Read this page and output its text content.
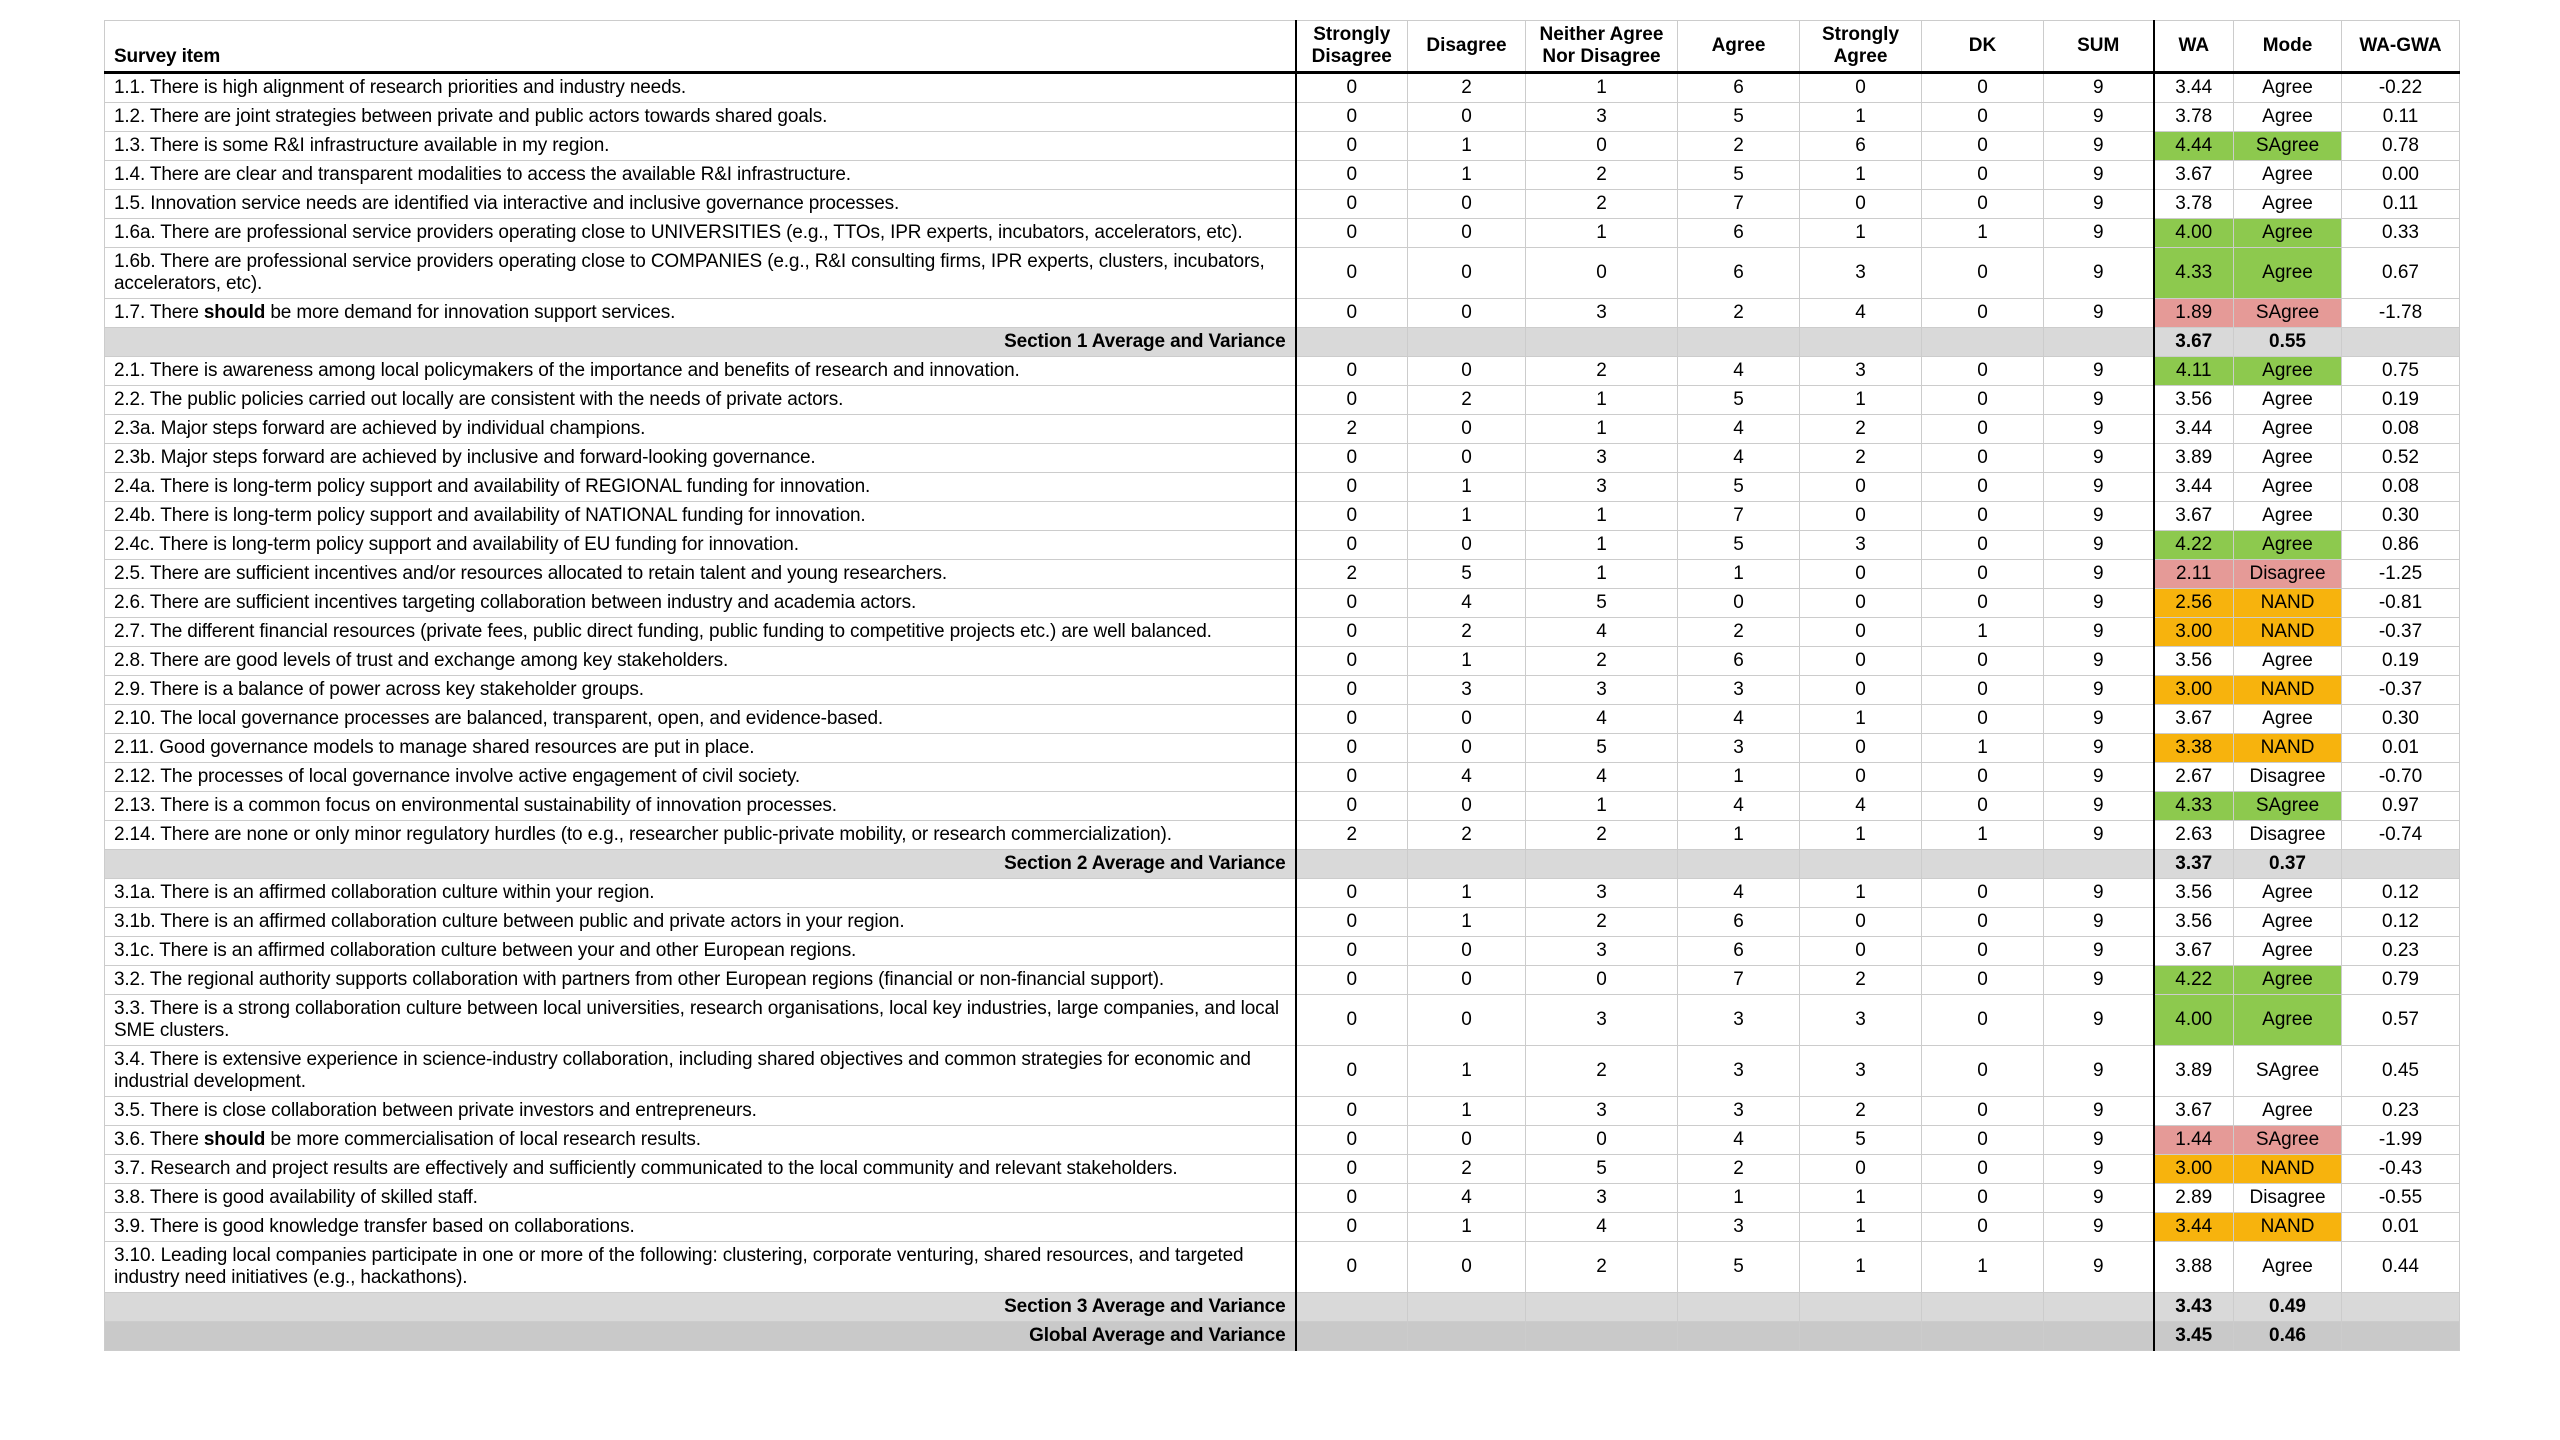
Survey item	Strongly Disagree	Disagree	Neither Agree Nor Disagree	Agree	Strongly Agree	DK	SUM	WA	Mode	WA-GWA
1.1. There is high alignment of research priorities and industry needs.	0	2	1	6	0	0	9	3.44	Agree	-0.22
1.2. There are joint strategies between private and public actors towards shared goals.	0	0	3	5	1	0	9	3.78	Agree	0.11
1.3. There is some R&I infrastructure available in my region.	0	1	0	2	6	0	9	4.44	SAgree	0.78
1.4. There are clear and transparent modalities to access the available R&I infrastructure.	0	1	2	5	1	0	9	3.67	Agree	0.00
1.5. Innovation service needs are identified via interactive and inclusive governance processes.	0	0	2	7	0	0	9	3.78	Agree	0.11
1.6a. There are professional service providers operating close to UNIVERSITIES (e.g., TTOs, IPR experts, incubators, accelerators, etc).	0	0	1	6	1	1	9	4.00	Agree	0.33
1.6b. There are professional service providers operating close to COMPANIES (e.g., R&I consulting firms, IPR experts, clusters, incubators, accelerators, etc).	0	0	0	6	3	0	9	4.33	Agree	0.67
1.7. There should be more demand for innovation support services.	0	0	3	2	4	0	9	1.89	SAgree	-1.78
Section 1 Average and Variance								3.67	0.55	
2.1. There is awareness among local policymakers of the importance and benefits of research and innovation.	0	0	2	4	3	0	9	4.11	Agree	0.75
2.2. The public policies carried out locally are consistent with the needs of private actors.	0	2	1	5	1	0	9	3.56	Agree	0.19
2.3a. Major steps forward are achieved by individual champions.	2	0	1	4	2	0	9	3.44	Agree	0.08
2.3b. Major steps forward are achieved by inclusive and forward-looking governance.	0	0	3	4	2	0	9	3.89	Agree	0.52
2.4a. There is long-term policy support and availability of REGIONAL funding for innovation.	0	1	3	5	0	0	9	3.44	Agree	0.08
2.4b. There is long-term policy support and availability of NATIONAL funding for innovation.	0	1	1	7	0	0	9	3.67	Agree	0.30
2.4c. There is long-term policy support and availability of EU funding for innovation.	0	0	1	5	3	0	9	4.22	Agree	0.86
2.5. There are sufficient incentives and/or resources allocated to retain talent and young researchers.	2	5	1	1	0	0	9	2.11	Disagree	-1.25
2.6. There are sufficient incentives targeting collaboration between industry and academia actors.	0	4	5	0	0	0	9	2.56	NAND	-0.81
2.7. The different financial resources (private fees, public direct funding, public funding to competitive projects etc.) are well balanced.	0	2	4	2	0	1	9	3.00	NAND	-0.37
2.8. There are good levels of trust and exchange among key stakeholders.	0	1	2	6	0	0	9	3.56	Agree	0.19
2.9. There is a balance of power across key stakeholder groups.	0	3	3	3	0	0	9	3.00	NAND	-0.37
2.10. The local governance processes are balanced, transparent, open, and evidence-based.	0	0	4	4	1	0	9	3.67	Agree	0.30
2.11. Good governance models to manage shared resources are put in place.	0	0	5	3	0	1	9	3.38	NAND	0.01
2.12. The processes of local governance involve active engagement of civil society.	0	4	4	1	0	0	9	2.67	Disagree	-0.70
2.13. There is a common focus on environmental sustainability of innovation processes.	0	0	1	4	4	0	9	4.33	SAgree	0.97
2.14. There are none or only minor regulatory hurdles (to e.g., researcher public-private mobility, or research commercialization).	2	2	2	1	1	1	9	2.63	Disagree	-0.74
Section 2 Average and Variance								3.37	0.37	
3.1a. There is an affirmed collaboration culture within your region.	0	1	3	4	1	0	9	3.56	Agree	0.12
3.1b. There is an affirmed collaboration culture between public and private actors in your region.	0	1	2	6	0	0	9	3.56	Agree	0.12
3.1c. There is an affirmed collaboration culture between your and other European regions.	0	0	3	6	0	0	9	3.67	Agree	0.23
3.2. The regional authority supports collaboration with partners from other European regions (financial or non-financial support).	0	0	0	7	2	0	9	4.22	Agree	0.79
3.3. There is a strong collaboration culture between local universities, research organisations, local key industries, large companies, and local SME clusters.	0	0	3	3	3	0	9	4.00	Agree	0.57
3.4. There is extensive experience in science-industry collaboration, including shared objectives and common strategies for economic and industrial development.	0	1	2	3	3	0	9	3.89	SAgree	0.45
3.5. There is close collaboration between private investors and entrepreneurs.	0	1	3	3	2	0	9	3.67	Agree	0.23
3.6. There should be more commercialisation of local research results.	0	0	0	4	5	0	9	1.44	SAgree	-1.99
3.7. Research and project results are effectively and sufficiently communicated to the local community and relevant stakeholders.	0	2	5	2	0	0	9	3.00	NAND	-0.43
3.8. There is good availability of skilled staff.	0	4	3	1	1	0	9	2.89	Disagree	-0.55
3.9. There is good knowledge transfer based on collaborations.	0	1	4	3	1	0	9	3.44	NAND	0.01
3.10. Leading local companies participate in one or more of the following: clustering, corporate venturing, shared resources, and targeted industry need initiatives (e.g., hackathons).	0	0	2	5	1	1	9	3.88	Agree	0.44
Section 3 Average and Variance								3.43	0.49	
Global Average and Variance								3.45	0.46	
